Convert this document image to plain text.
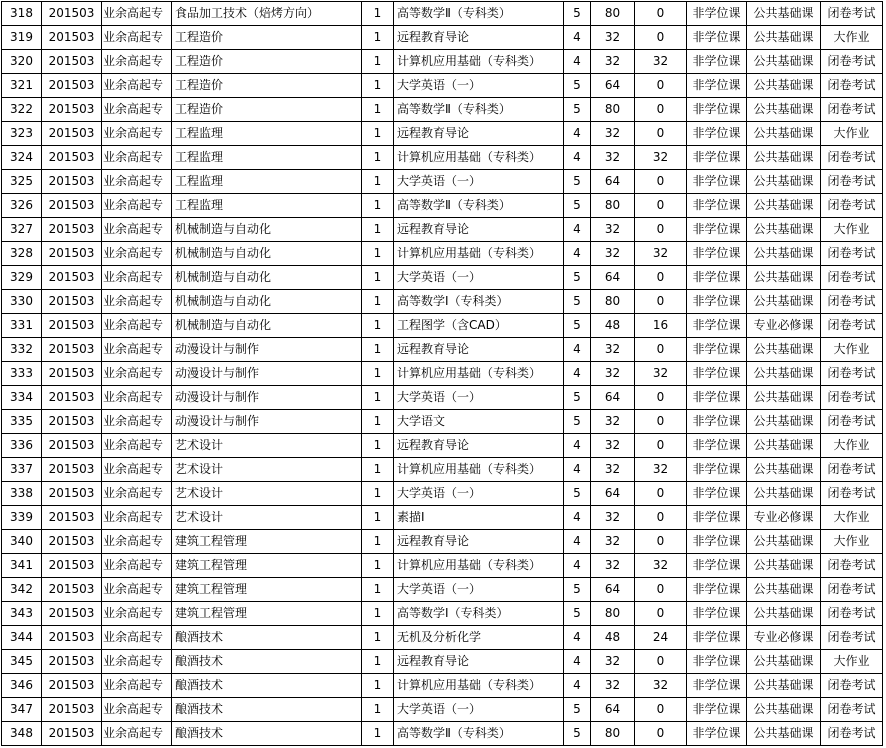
318	201503	业余高起专	食品加工技术（焙烤方向）	1	高等数学Ⅱ（专科类）	5	80	0	非学位课	公共基础课	闭卷考试
319	201503	业余高起专	工程造价	1	远程教育导论	4	32	0	非学位课	公共基础课	大作业
320	201503	业余高起专	工程造价	1	计算机应用基础（专科类）	4	32	32	非学位课	公共基础课	闭卷考试
321	201503	业余高起专	工程造价	1	大学英语（一）	5	64	0	非学位课	公共基础课	闭卷考试
322	201503	业余高起专	工程造价	1	高等数学Ⅱ（专科类）	5	80	0	非学位课	公共基础课	闭卷考试
323	201503	业余高起专	工程监理	1	远程教育导论	4	32	0	非学位课	公共基础课	大作业
324	201503	业余高起专	工程监理	1	计算机应用基础（专科类）	4	32	32	非学位课	公共基础课	闭卷考试
325	201503	业余高起专	工程监理	1	大学英语（一）	5	64	0	非学位课	公共基础课	闭卷考试
326	201503	业余高起专	工程监理	1	高等数学Ⅱ（专科类）	5	80	0	非学位课	公共基础课	闭卷考试
327	201503	业余高起专	机械制造与自动化	1	远程教育导论	4	32	0	非学位课	公共基础课	大作业
328	201503	业余高起专	机械制造与自动化	1	计算机应用基础（专科类）	4	32	32	非学位课	公共基础课	闭卷考试
329	201503	业余高起专	机械制造与自动化	1	大学英语（一）	5	64	0	非学位课	公共基础课	闭卷考试
330	201503	业余高起专	机械制造与自动化	1	高等数学Ⅰ（专科类）	5	80	0	非学位课	公共基础课	闭卷考试
331	201503	业余高起专	机械制造与自动化	1	工程图学（含CAD）	5	48	16	非学位课	专业必修课	闭卷考试
332	201503	业余高起专	动漫设计与制作	1	远程教育导论	4	32	0	非学位课	公共基础课	大作业
333	201503	业余高起专	动漫设计与制作	1	计算机应用基础（专科类）	4	32	32	非学位课	公共基础课	闭卷考试
334	201503	业余高起专	动漫设计与制作	1	大学英语（一）	5	64	0	非学位课	公共基础课	闭卷考试
335	201503	业余高起专	动漫设计与制作	1	大学语文	5	32	0	非学位课	公共基础课	闭卷考试
336	201503	业余高起专	艺术设计	1	远程教育导论	4	32	0	非学位课	公共基础课	大作业
337	201503	业余高起专	艺术设计	1	计算机应用基础（专科类）	4	32	32	非学位课	公共基础课	闭卷考试
338	201503	业余高起专	艺术设计	1	大学英语（一）	5	64	0	非学位课	公共基础课	闭卷考试
339	201503	业余高起专	艺术设计	1	素描Ⅰ	4	32	0	非学位课	专业必修课	大作业
340	201503	业余高起专	建筑工程管理	1	远程教育导论	4	32	0	非学位课	公共基础课	大作业
341	201503	业余高起专	建筑工程管理	1	计算机应用基础（专科类）	4	32	32	非学位课	公共基础课	闭卷考试
342	201503	业余高起专	建筑工程管理	1	大学英语（一）	5	64	0	非学位课	公共基础课	闭卷考试
343	201503	业余高起专	建筑工程管理	1	高等数学Ⅰ（专科类）	5	80	0	非学位课	公共基础课	闭卷考试
344	201503	业余高起专	酿酒技术	1	无机及分析化学	4	48	24	非学位课	专业必修课	闭卷考试
345	201503	业余高起专	酿酒技术	1	远程教育导论	4	32	0	非学位课	公共基础课	大作业
346	201503	业余高起专	酿酒技术	1	计算机应用基础（专科类）	4	32	32	非学位课	公共基础课	闭卷考试
347	201503	业余高起专	酿酒技术	1	大学英语（一）	5	64	0	非学位课	公共基础课	闭卷考试
348	201503	业余高起专	酿酒技术	1	高等数学Ⅱ（专科类）	5	80	0	非学位课	公共基础课	闭卷考试
